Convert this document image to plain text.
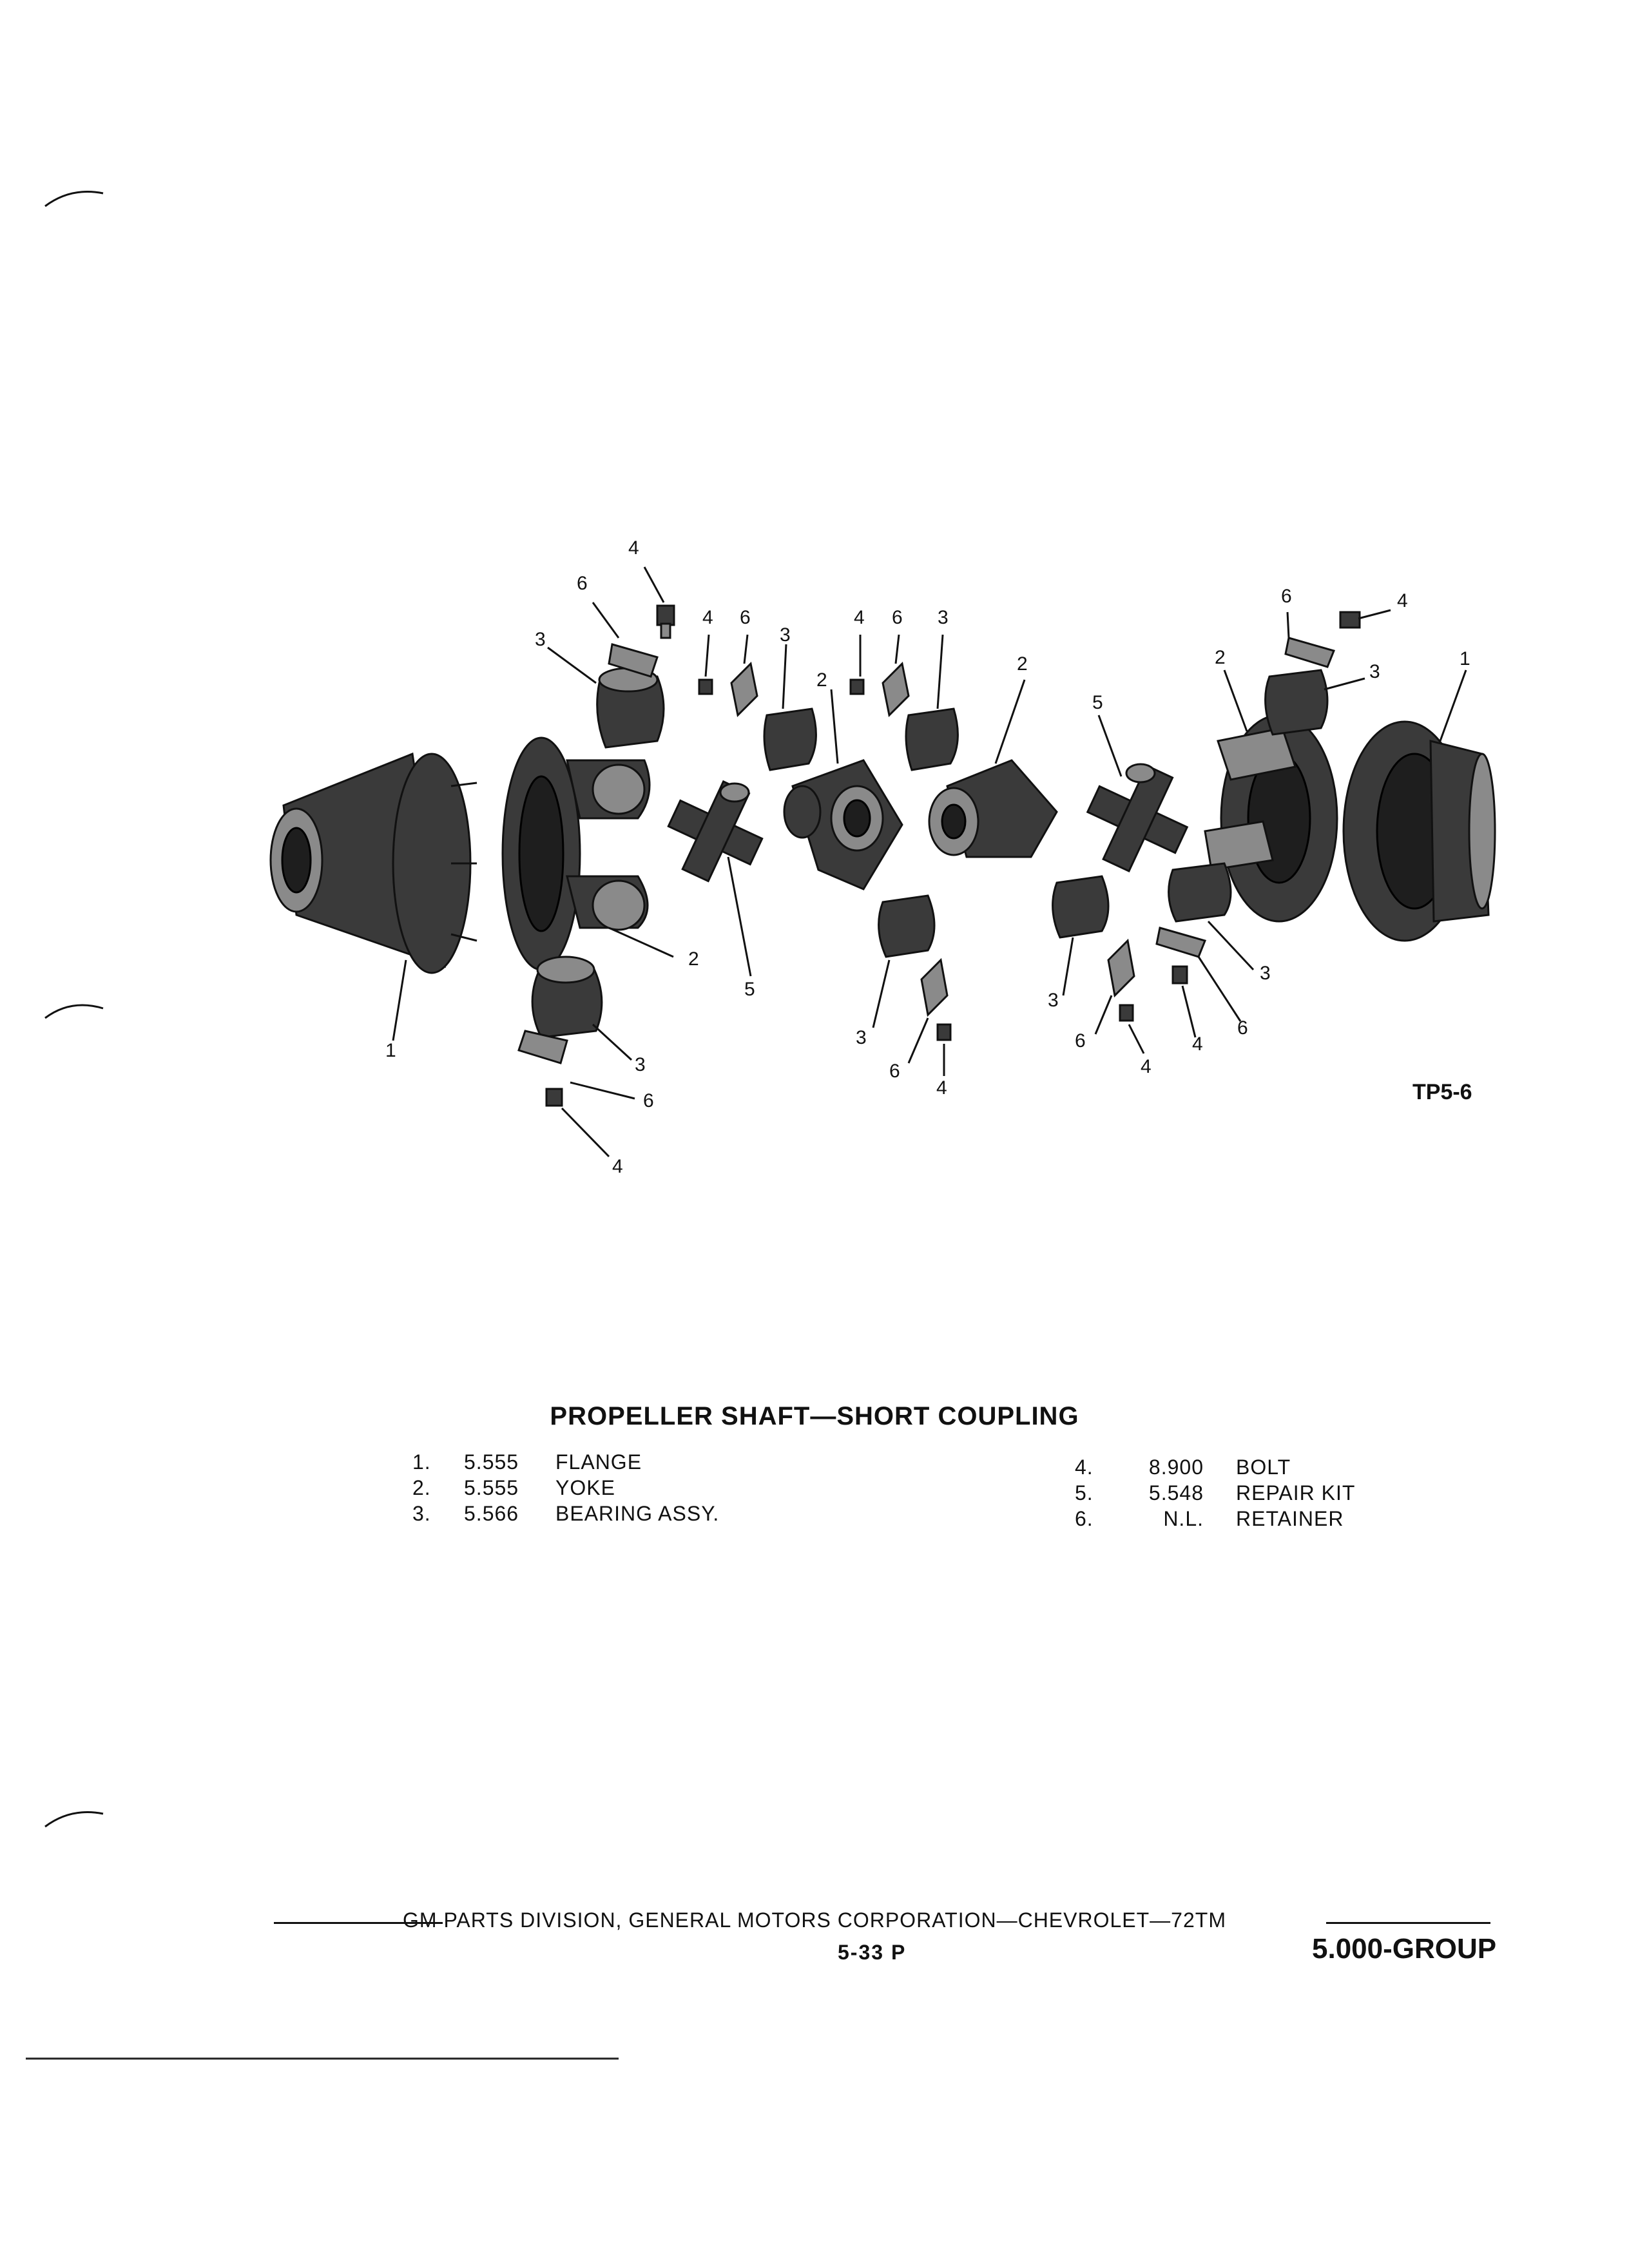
4
6
3
4 6
3
2
4 6 3
2
5
6	4
2
3
1
1
2
5
3
6
4
3
6
4
3
6
4
3
6
4
TP5-6
PROPELLER SHAFT—SHORT COUPLING
1.	5.555	FLANGE
2.	5.555	YOKE
3.	5.566	BEARING ASSY.
4.	8.900	BOLT
5.	5.548	REPAIR KIT
6.	N.L.	RETAINER
GM PARTS DIVISION, GENERAL MOTORS CORPORATION—CHEVROLET—72TM
5-33 P	5.000-GROUP
